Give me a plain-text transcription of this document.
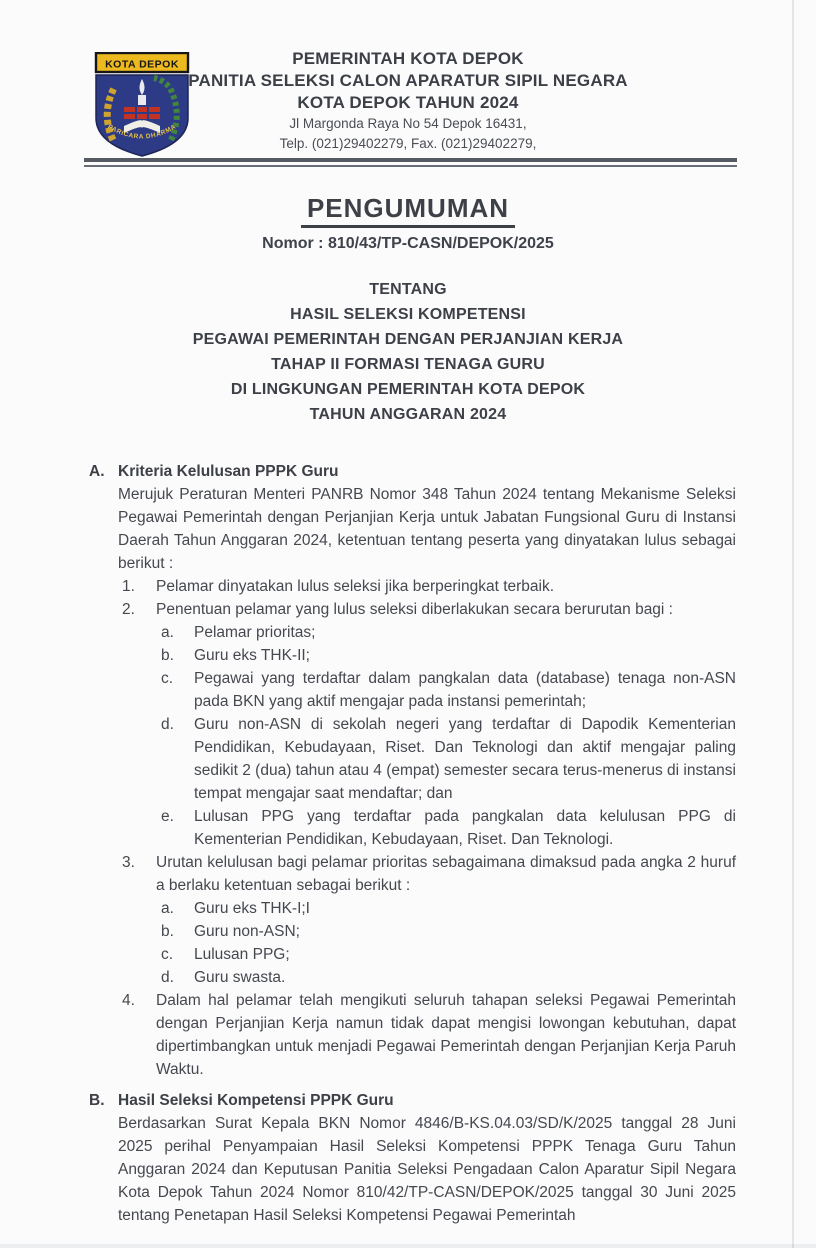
KOTA DEPOK
PARICARA DHARMA
PEMERINTAH KOTA DEPOK
PANITIA SELEKSI CALON APARATUR SIPIL NEGARA
KOTA DEPOK TAHUN 2024
Jl Margonda Raya No 54 Depok 16431,
Telp. (021)29402279, Fax. (021)29402279,
PENGUMUMAN
Nomor : 810/43/TP-CASN/DEPOK/2025
TENTANG
HASIL SELEKSI KOMPETENSI
PEGAWAI PEMERINTAH DENGAN PERJANJIAN KERJA
TAHAP II FORMASI TENAGA GURU
DI LINGKUNGAN PEMERINTAH KOTA DEPOK
TAHUN ANGGARAN 2024
A. Kriteria Kelulusan PPPK Guru
Merujuk Peraturan Menteri PANRB Nomor 348 Tahun 2024 tentang Mekanisme Seleksi Pegawai Pemerintah dengan Perjanjian Kerja untuk Jabatan Fungsional Guru di Instansi Daerah Tahun Anggaran 2024, ketentuan tentang peserta yang dinyatakan lulus sebagai berikut :
1.	Pelamar dinyatakan lulus seleksi jika berperingkat terbaik.
2.	Penentuan pelamar yang lulus seleksi diberlakukan secara berurutan bagi :
a.	Pelamar prioritas;
b.	Guru eks THK-II;
c.	Pegawai yang terdaftar dalam pangkalan data (database) tenaga non-ASN pada BKN yang aktif mengajar pada instansi pemerintah;
d.	Guru non-ASN di sekolah negeri yang terdaftar di Dapodik Kementerian Pendidikan, Kebudayaan, Riset. Dan Teknologi dan aktif mengajar paling sedikit 2 (dua) tahun atau 4 (empat) semester secara terus-menerus di instansi tempat mengajar saat mendaftar; dan
e.	Lulusan PPG yang terdaftar pada pangkalan data kelulusan PPG di Kementerian Pendidikan, Kebudayaan, Riset. Dan Teknologi.
3.	Urutan kelulusan bagi pelamar prioritas sebagaimana dimaksud pada angka 2 huruf a berlaku ketentuan sebagai berikut :
a.	Guru eks THK-I;I
b.	Guru non-ASN;
c.	Lulusan PPG;
d.	Guru swasta.
4.	Dalam hal pelamar telah mengikuti seluruh tahapan seleksi Pegawai Pemerintah dengan Perjanjian Kerja namun tidak dapat mengisi lowongan kebutuhan, dapat dipertimbangkan untuk menjadi Pegawai Pemerintah dengan Perjanjian Kerja Paruh Waktu.
B. Hasil Seleksi Kompetensi PPPK Guru
Berdasarkan Surat Kepala BKN Nomor 4846/B-KS.04.03/SD/K/2025 tanggal 28 Juni 2025 perihal Penyampaian Hasil Seleksi Kompetensi PPPK Tenaga Guru Tahun Anggaran 2024 dan Keputusan Panitia Seleksi Pengadaan Calon Aparatur Sipil Negara Kota Depok Tahun 2024 Nomor 810/42/TP-CASN/DEPOK/2025 tanggal 30 Juni 2025 tentang Penetapan Hasil Seleksi Kompetensi Pegawai Pemerintah
